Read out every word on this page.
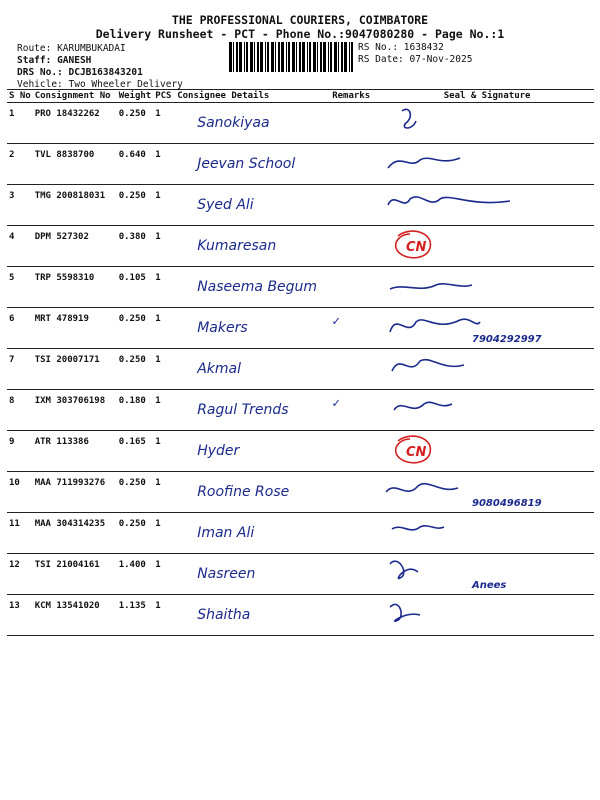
THE PROFESSIONAL COURIERS, COIMBATORE
Delivery Runsheet - PCT - Phone No.:9047080280 - Page No.:1
Route: KARUMBUKADAI
Staff: GANESH
DRS No.: DCJB163843201
Vehicle: Two Wheeler Delivery
RS No.: 1638432
RS Date: 07-Nov-2025
S No	Consignment No	Weight	PCS	Consignee Details	Remarks	Seal & Signature
1	PRO 18432262	0.250	1	Sanokiyaa		

2	TVL 8838700	0.640	1	Jeevan School		

3	TMG 200818031	0.250	1	Syed Ali		

4	DPM 527302	0.380	1	Kumaresan		CN

5	TRP 5598310	0.105	1	Naseema Begum		

6	MRT 478919	0.250	1	Makers	✓	7904292997

7	TSI 20007171	0.250	1	Akmal		

8	IXM 303706198	0.180	1	Ragul Trends	✓	

9	ATR 113386	0.165	1	Hyder		CN

10	MAA 711993276	0.250	1	Roofine Rose		9080496819

11	MAA 304314235	0.250	1	Iman Ali		

12	TSI 21004161	1.400	1	Nasreen		Anees

13	KCM 13541020	1.135	1	Shaitha		
